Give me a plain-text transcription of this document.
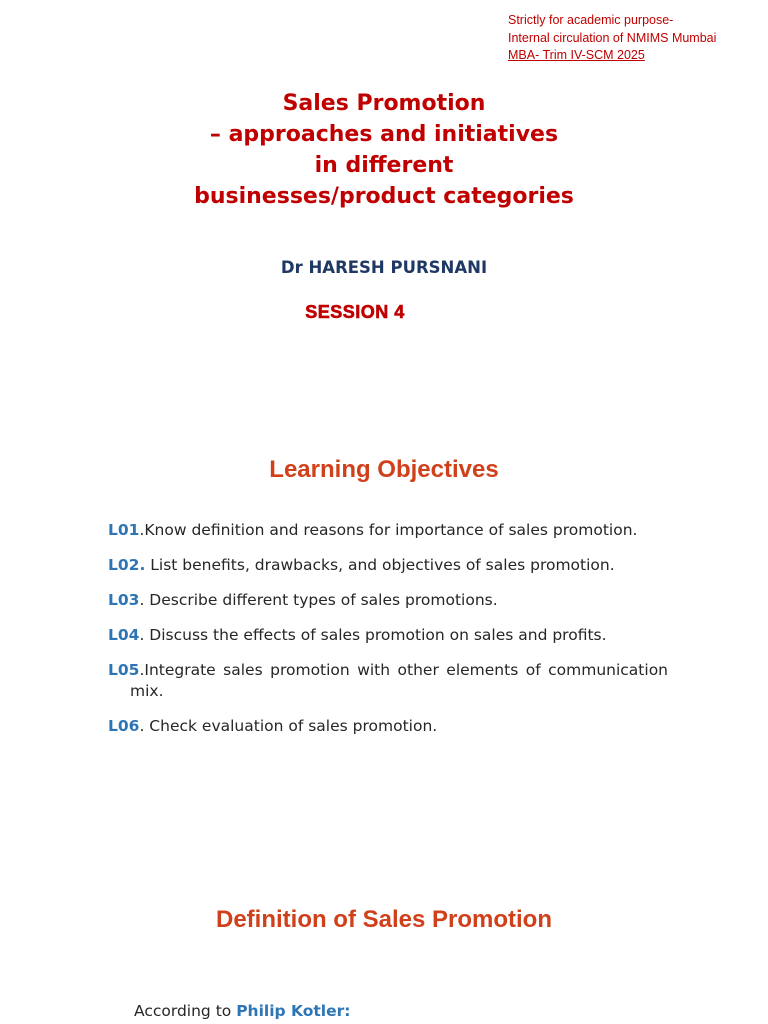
Strictly for academic purpose-
Internal circulation of NMIMS Mumbai
MBA- Trim IV-SCM 2025
Sales Promotion
– approaches and initiatives
in different
businesses/product categories
Dr HARESH PURSNANI
SESSION 4
Learning Objectives
L01.Know definition and reasons for importance of sales promotion.
L02. List benefits, drawbacks, and objectives of sales promotion.
L03. Describe different types of sales promotions.
L04. Discuss the effects of sales promotion on sales and profits.
L05.Integrate sales promotion with other elements of communication mix.
L06. Check evaluation of sales promotion.
Definition of Sales Promotion
According to Philip Kotler:
